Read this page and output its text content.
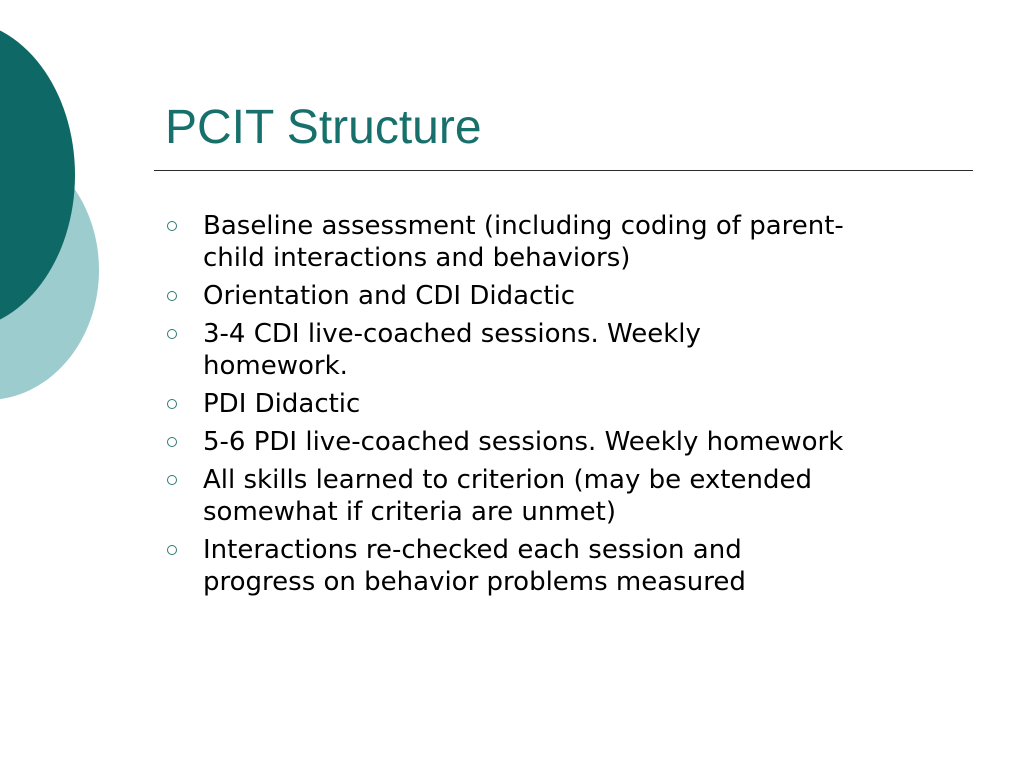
PCIT Structure
Baseline assessment (including coding of parent-
child interactions and behaviors)
Orientation and CDI Didactic
3-4 CDI live-coached sessions. Weekly
homework.
PDI Didactic
5-6 PDI live-coached sessions. Weekly homework
All skills learned to criterion (may be extended
somewhat if criteria are unmet)
Interactions re-checked each session and
progress on behavior problems measured
